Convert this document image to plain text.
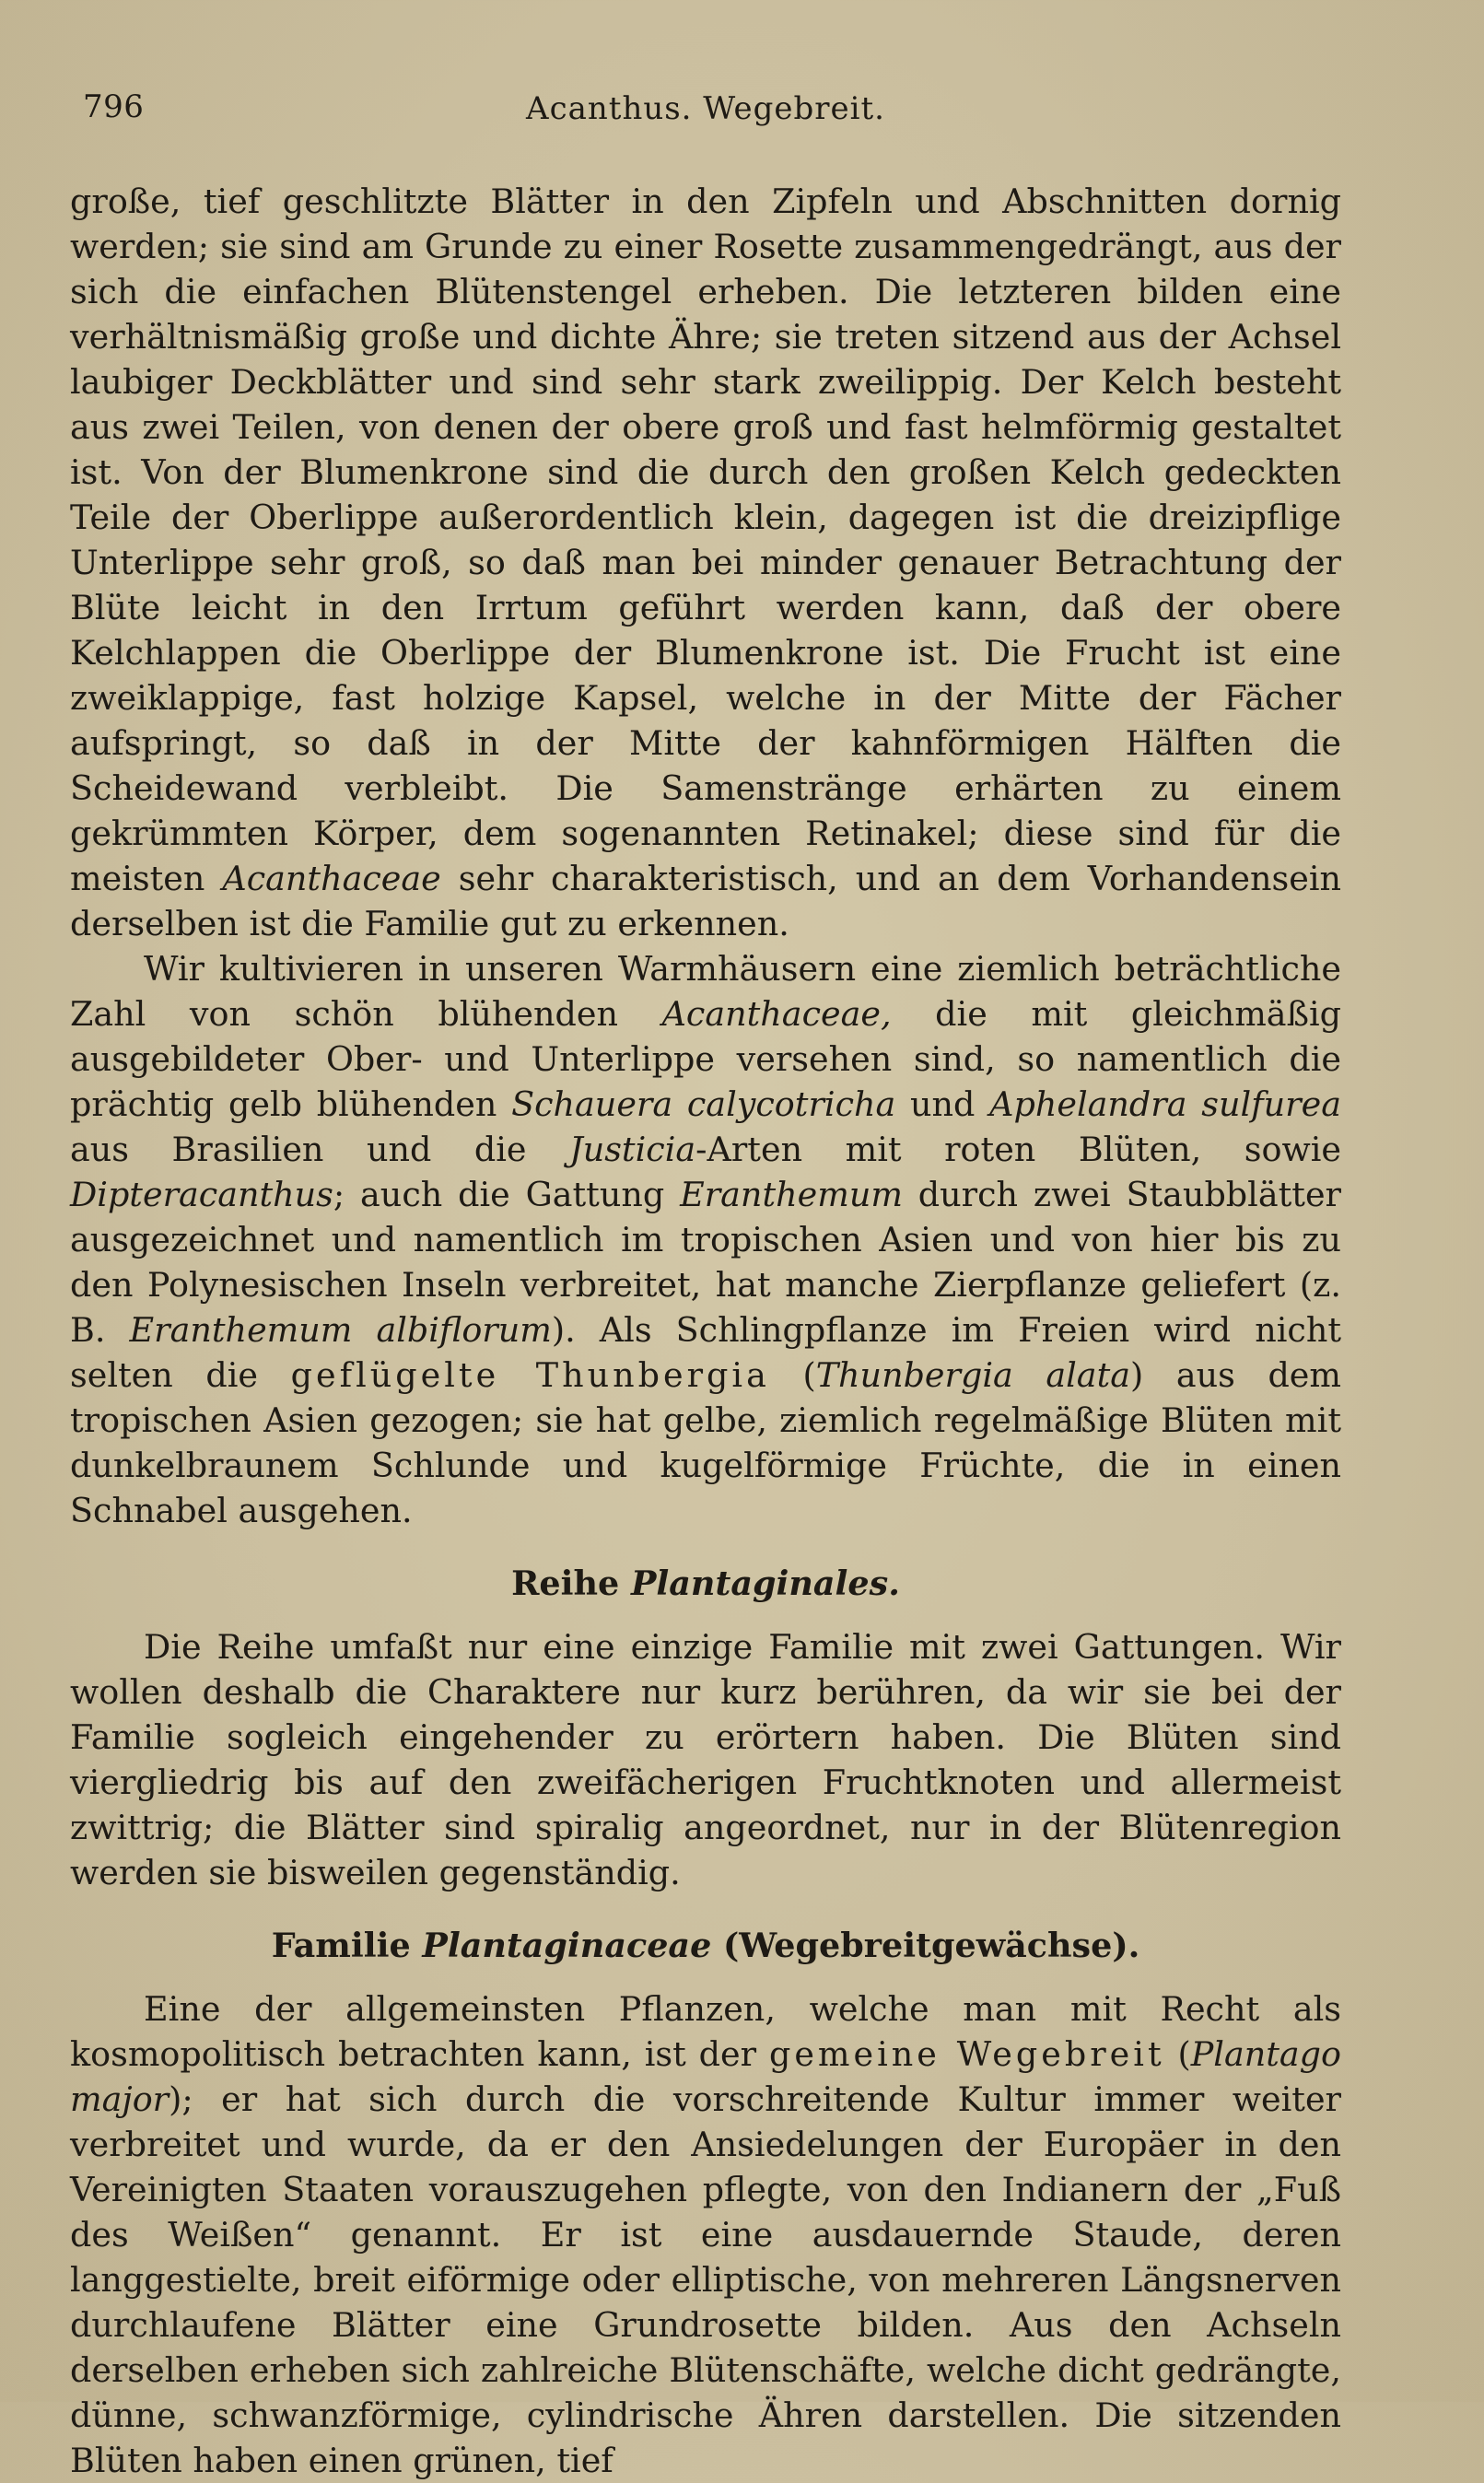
796	Acanthus. Wegebreit.

große, tief geschlitzte Blätter in den Zipfeln und Abschnitten dornig werden; sie sind am Grunde zu einer Rosette zusammengedrängt, aus der sich die einfachen Blütenstengel erheben. Die letzteren bilden eine verhältnismäßig große und dichte Ähre; sie treten sitzend aus der Achsel laubiger Deckblätter und sind sehr stark zweilippig. Der Kelch besteht aus zwei Teilen, von denen der obere groß und fast helmförmig gestaltet ist. Von der Blumenkrone sind die durch den großen Kelch gedeckten Teile der Oberlippe außerordentlich klein, dagegen ist die dreizipflige Unterlippe sehr groß, so daß man bei minder genauer Betrachtung der Blüte leicht in den Irrtum geführt werden kann, daß der obere Kelchlappen die Oberlippe der Blumenkrone ist. Die Frucht ist eine zweiklappige, fast holzige Kapsel, welche in der Mitte der Fächer aufspringt, so daß in der Mitte der kahnförmigen Hälften die Scheidewand verbleibt. Die Samenstränge erhärten zu einem gekrümmten Körper, dem sogenannten Retinakel; diese sind für die meisten Acanthaceae sehr charakteristisch, und an dem Vorhandensein derselben ist die Familie gut zu erkennen.

Wir kultivieren in unseren Warmhäusern eine ziemlich beträchtliche Zahl von schön blühenden Acanthaceae, die mit gleichmäßig ausgebildeter Ober- und Unterlippe versehen sind, so namentlich die prächtig gelb blühenden Schauera calycotricha und Aphelandra sulfurea aus Brasilien und die Justicia-Arten mit roten Blüten, sowie Dipteracanthus; auch die Gattung Eranthemum durch zwei Staubblätter ausgezeichnet und namentlich im tropischen Asien und von hier bis zu den Polynesischen Inseln verbreitet, hat manche Zierpflanze geliefert (z. B. Eranthemum albiflorum). Als Schlingpflanze im Freien wird nicht selten die geflügelte Thunbergia (Thunbergia alata) aus dem tropischen Asien gezogen; sie hat gelbe, ziemlich regelmäßige Blüten mit dunkelbraunem Schlunde und kugelförmige Früchte, die in einen Schnabel ausgehen.

Reihe Plantaginales.

Die Reihe umfaßt nur eine einzige Familie mit zwei Gattungen. Wir wollen deshalb die Charaktere nur kurz berühren, da wir sie bei der Familie sogleich eingehender zu erörtern haben. Die Blüten sind viergliedrig bis auf den zweifächerigen Fruchtknoten und allermeist zwittrig; die Blätter sind spiralig angeordnet, nur in der Blütenregion werden sie bisweilen gegenständig.

Familie Plantaginaceae (Wegebreitgewächse).

Eine der allgemeinsten Pflanzen, welche man mit Recht als kosmopolitisch betrachten kann, ist der gemeine Wegebreit (Plantago major); er hat sich durch die vorschreitende Kultur immer weiter verbreitet und wurde, da er den Ansiedelungen der Europäer in den Vereinigten Staaten vorauszugehen pflegte, von den Indianern der „Fuß des Weißen“ genannt. Er ist eine ausdauernde Staude, deren langgestielte, breit eiförmige oder elliptische, von mehreren Längsnerven durchlaufene Blätter eine Grundrosette bilden. Aus den Achseln derselben erheben sich zahlreiche Blütenschäfte, welche dicht gedrängte, dünne, schwanzförmige, cylindrische Ähren darstellen. Die sitzenden Blüten haben einen grünen, tief
